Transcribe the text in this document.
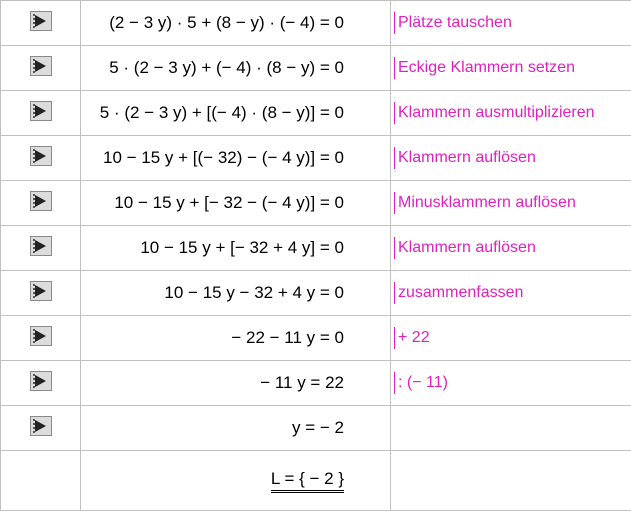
	(2 − 3 y) · 5 + (8 − y) · (− 4) = 0	Plätze tauschen

	5 · (2 − 3 y) + (− 4) · (8 − y) = 0	Eckige Klammern setzen

	5 · (2 − 3 y) + [(− 4) · (8 − y)] = 0	Klammern ausmultiplizieren

	10 − 15 y + [(− 32) − (− 4 y)] = 0	Klammern auflösen

	10 − 15 y + [− 32 − (− 4 y)] = 0	Minusklammern auflösen

	10 − 15 y + [− 32 + 4 y] = 0	Klammern auflösen

	10 − 15 y − 32 + 4 y = 0	zusammenfassen

	− 22 − 11 y = 0	+ 22

	− 11 y = 22	: (− 11)

	y = − 2	
	L = { − 2 }	
